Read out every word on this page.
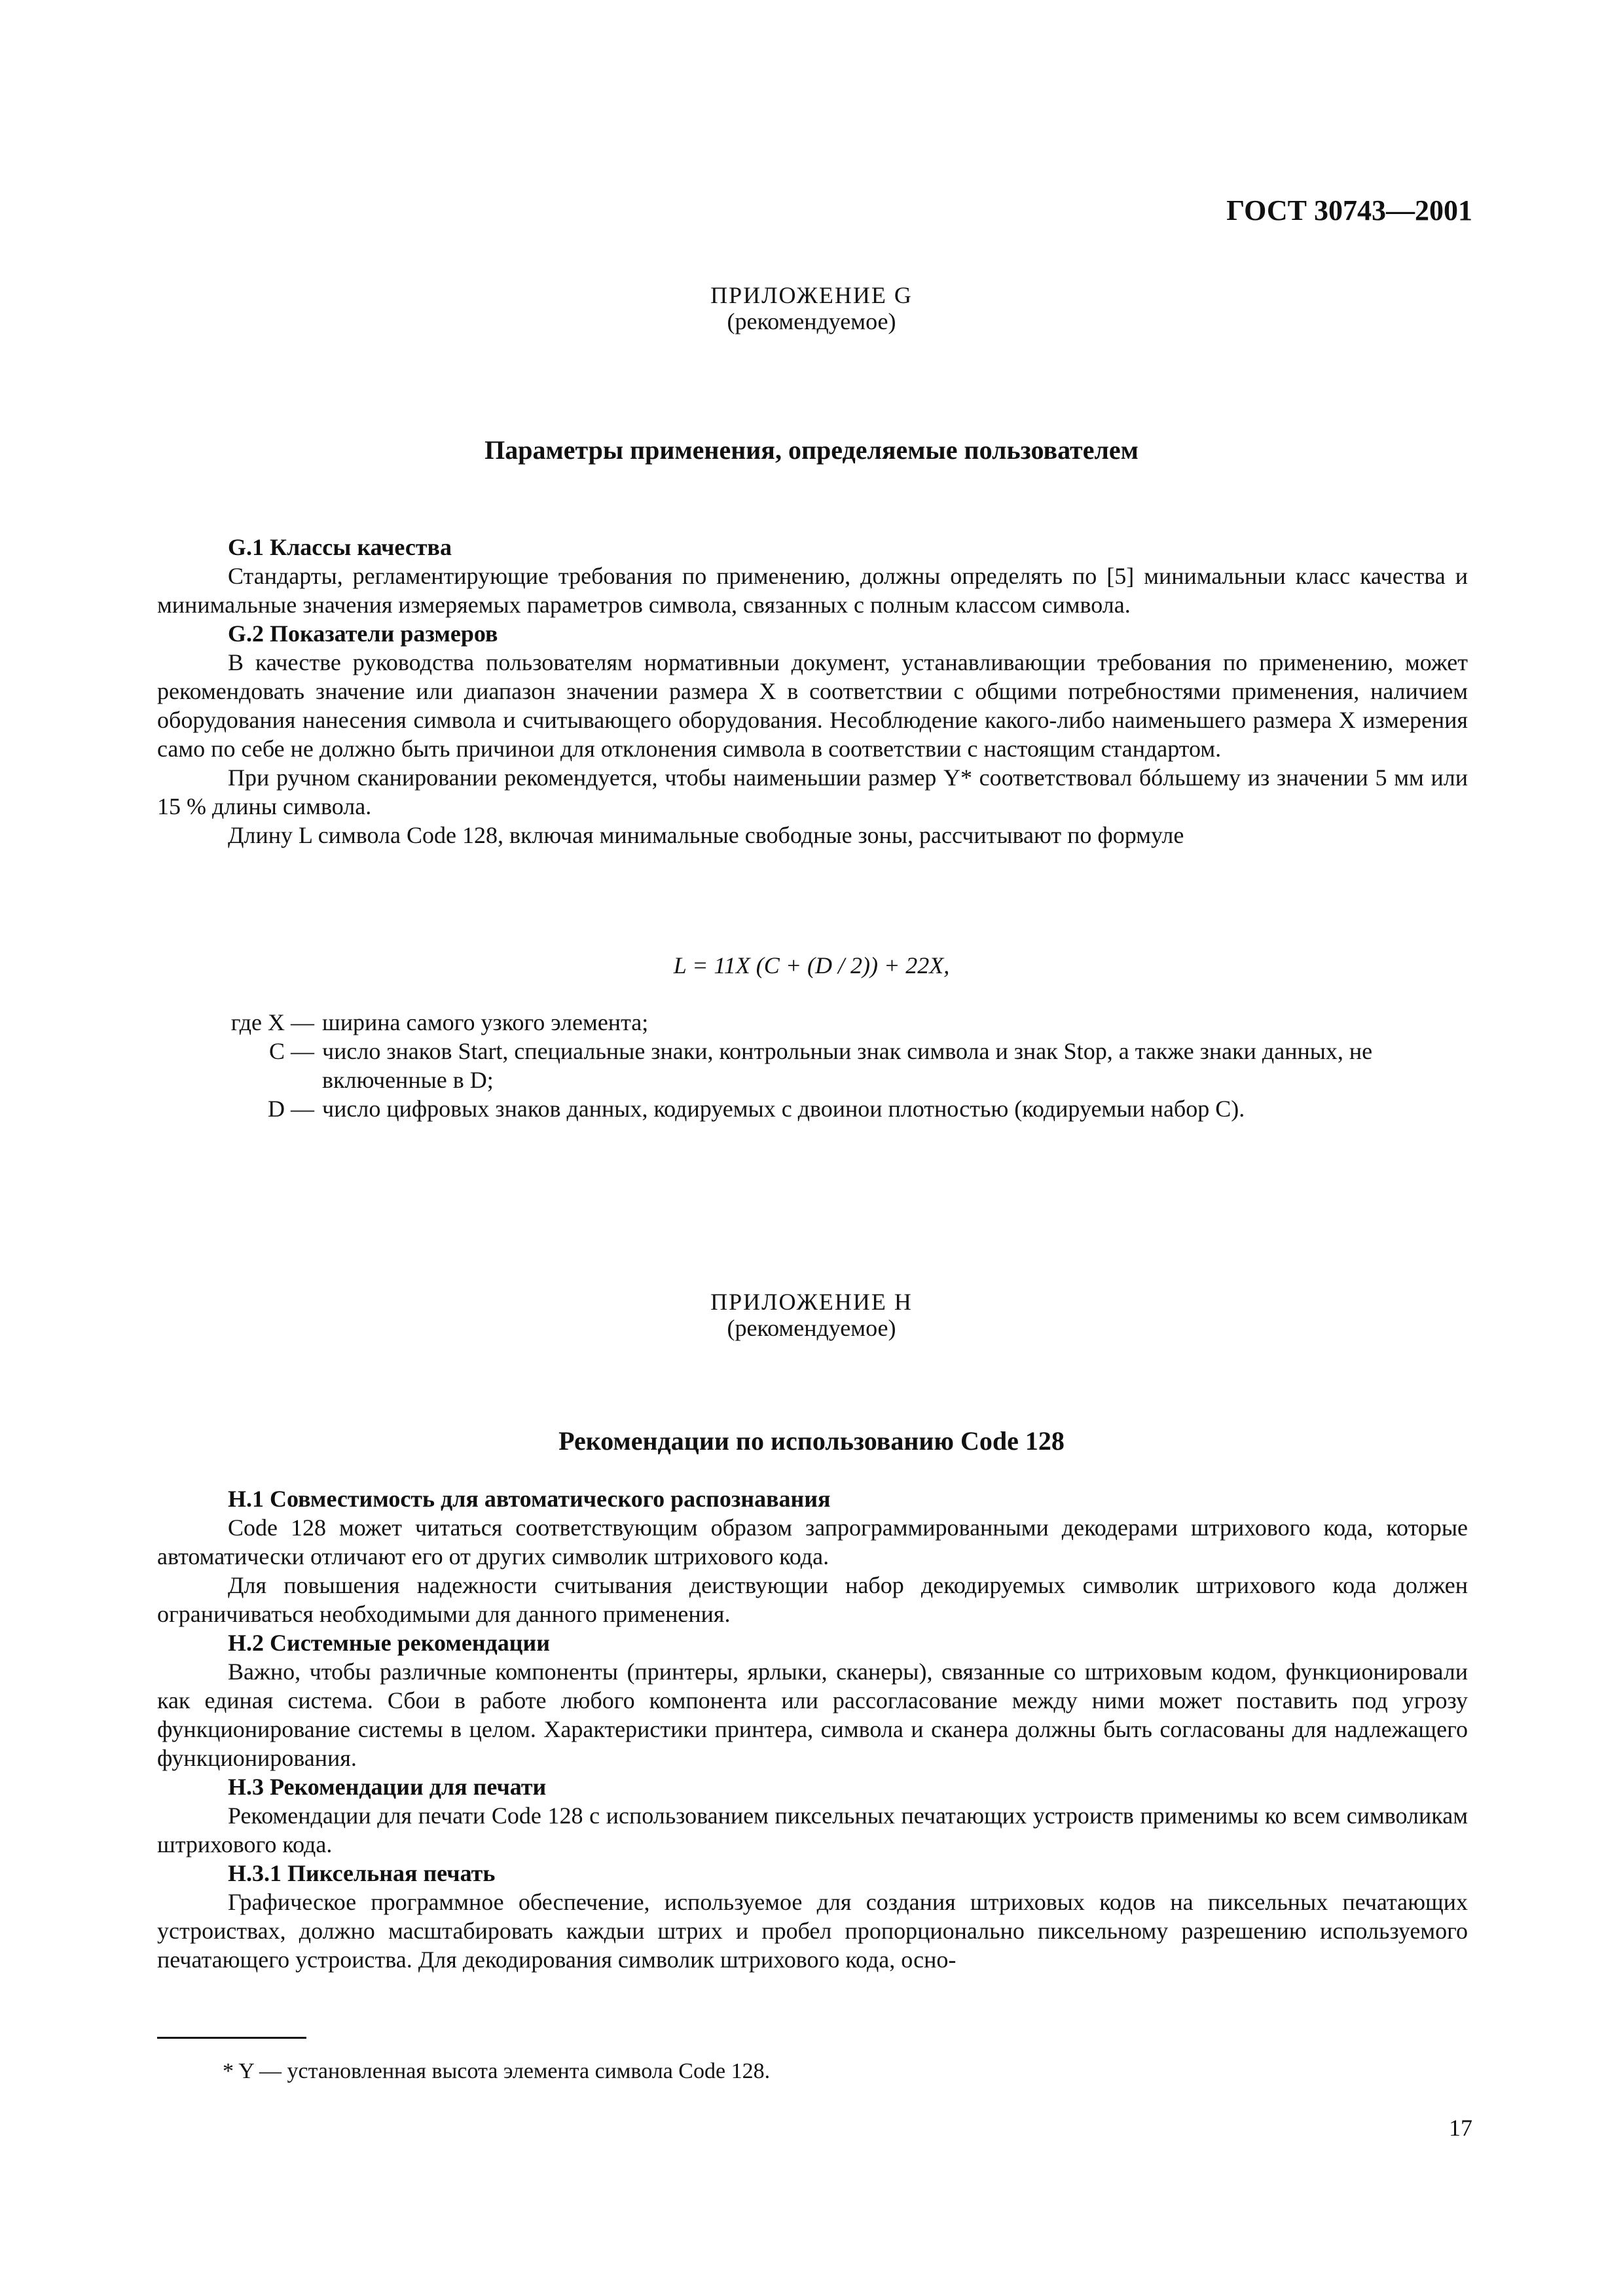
ГОСТ 30743—2001
ПРИЛОЖЕНИЕ G
(рекомендуемое)
Параметры применения, определяемые пользователем
G.1 Классы качества

Стандарты, регламентирующие требования по применению, должны определять по [5] минимальныи класс качества и минимальные значения измеряемых параметров символа, связанных с полным классом символа.

G.2 Показатели размеров

В качестве руководства пользователям нормативныи документ, устанавливающии требования по применению, может рекомендовать значение или диапазон значении размера X в соответствии с общими потребностями применения, наличием оборудования нанесения символа и считывающего оборудования. Несоблюдение какого-либо наименьшего размера X измерения само по себе не должно быть причинои для отклонения символа в соответствии с настоящим стандартом.

При ручном сканировании рекомендуется, чтобы наименьшии размер Y* соответствовал бóльшему из значении 5 мм или 15 % длины символа.

Длину L символа Code 128, включая минимальные свободные зоны, рассчитывают по формуле

L = 11X (C + (D / 2)) + 22X,
где X — ширина самого узкого элемента;
C — число знаков Start, специальные знаки, контрольныи знак символа и знак Stop, а также знаки данных, не включенные в D;
D — число цифровых знаков данных, кодируемых с двоинои плотностью (кодируемыи набор C).
ПРИЛОЖЕНИЕ H
(рекомендуемое)
Рекомендации по использованию Code 128
H.1 Совместимость для автоматического распознавания

Code 128 может читаться соответствующим образом запрограммированными декодерами штрихового кода, которые автоматически отличают его от других символик штрихового кода.

Для повышения надежности считывания деиствующии набор декодируемых символик штрихового кода должен ограничиваться необходимыми для данного применения.

H.2 Системные рекомендации

Важно, чтобы различные компоненты (принтеры, ярлыки, сканеры), связанные со штриховым кодом, функционировали как единая система. Сбои в работе любого компонента или рассогласование между ними может поставить под угрозу функционирование системы в целом. Характеристики принтера, символа и сканера должны быть согласованы для надлежащего функционирования.

H.3 Рекомендации для печати

Рекомендации для печати Code 128 с использованием пиксельных печатающих устроиств применимы ко всем символикам штрихового кода.

H.3.1 Пиксельная печать

Графическое программное обеспечение, используемое для создания штриховых кодов на пиксельных печатающих устроиствах, должно масштабировать каждыи штрих и пробел пропорционально пиксельному разрешению используемого печатающего устроиства. Для декодирования символик штрихового кода, осно-

* Y — установленная высота элемента символа Code 128.
17
